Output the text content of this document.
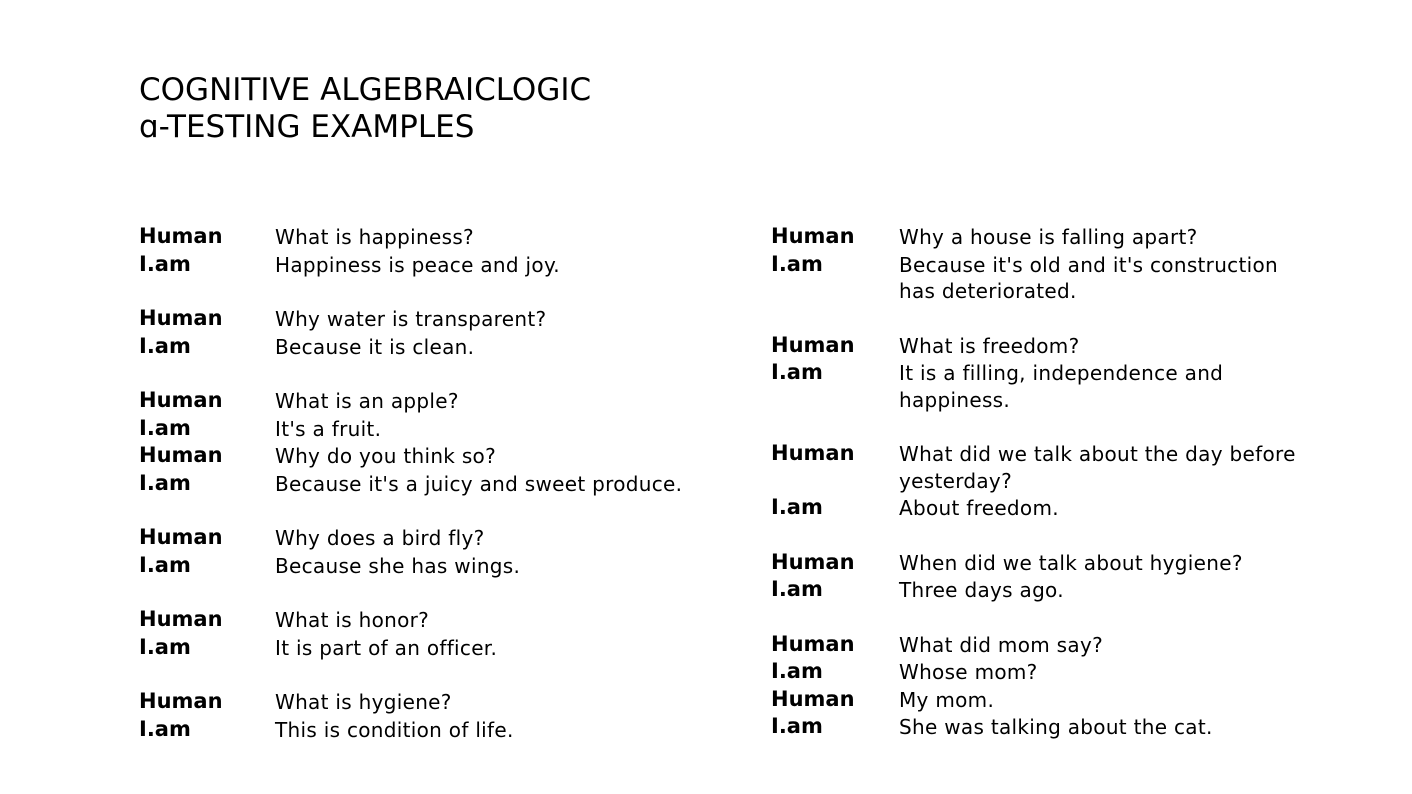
COGNITIVE ALGEBRAICLOGIC
ɑ-TESTING EXAMPLES
Human	What is happiness?
I.am	Happiness is peace and joy.
Human	Why water is transparent?
I.am	Because it is clean.
Human	What is an apple?
I.am	It's a fruit.
Human	Why do you think so?
I.am	Because it's a juicy and sweet produce.
Human	Why does a bird fly?
I.am	Because she has wings.
Human	What is honor?
I.am	It is part of an officer.
Human	What is hygiene?
I.am	This is condition of life.
Human	Why a house is falling apart?
I.am	Because it's old and it's construction has deteriorated.
Human	What is freedom?
I.am	It is a filling, independence and happiness.
Human	What did we talk about the day before yesterday?
I.am	About freedom.
Human	When did we talk about hygiene?
I.am	Three days ago.
Human	What did mom say?
I.am	Whose mom?
Human	My mom.
I.am	She was talking about the cat.
